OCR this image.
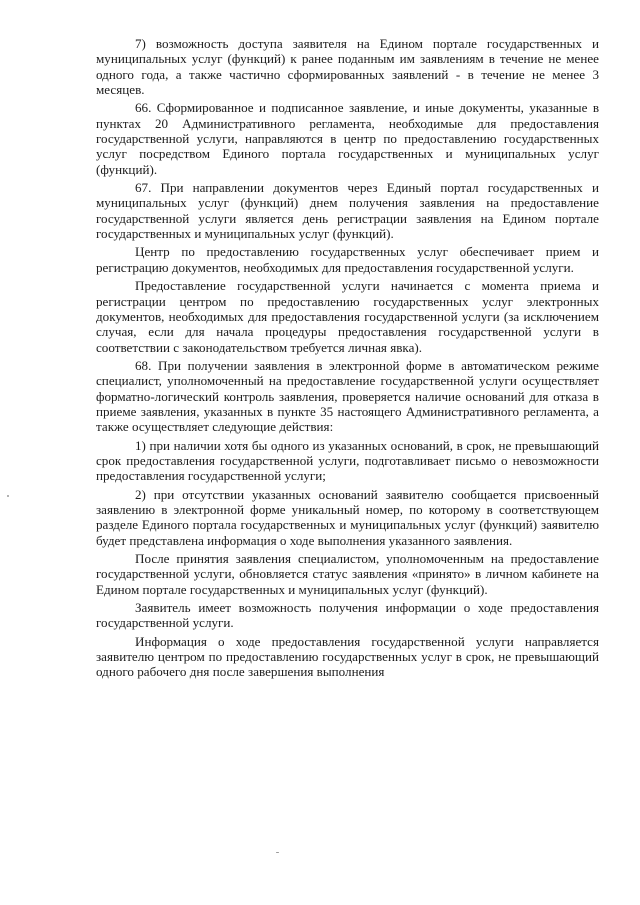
7) возможность доступа заявителя на Едином портале государственных и муниципальных услуг (функций) к ранее поданным им заявлениям в течение не менее одного года, а также частично сформированных заявлений - в течение не менее 3 месяцев.

66. Сформированное и подписанное заявление, и иные документы, указанные в пунктах 20 Административного регламента, необходимые для предоставления государственной услуги, направляются в центр по предоставлению государственных услуг посредством Единого портала государственных и муниципальных услуг (функций).

67. При направлении документов через Единый портал государственных и муниципальных услуг (функций) днем получения заявления на предоставление государственной услуги является день регистрации заявления на Едином портале государственных и муниципальных услуг (функций).

Центр по предоставлению государственных услуг обеспечивает прием и регистрацию документов, необходимых для предоставления государственной услуги.

Предоставление государственной услуги начинается с момента приема и регистрации центром по предоставлению государственных услуг электронных документов, необходимых для предоставления государственной услуги (за исключением случая, если для начала процедуры предоставления государственной услуги в соответствии с законодательством требуется личная явка).

68. При получении заявления в электронной форме в автоматическом режиме специалист, уполномоченный на предоставление государственной услуги осуществляет форматно-логический контроль заявления, проверяется наличие оснований для отказа в приеме заявления, указанных в пункте 35 настоящего Административного регламента, а также осуществляет следующие действия:

1) при наличии хотя бы одного из указанных оснований, в срок, не превышающий срок предоставления государственной услуги, подготавливает письмо о невозможности предоставления государственной услуги;

2) при отсутствии указанных оснований заявителю сообщается присвоенный заявлению в электронной форме уникальный номер, по которому в соответствующем разделе Единого портала государственных и муниципальных услуг (функций) заявителю будет представлена информация о ходе выполнения указанного заявления.

После принятия заявления специалистом, уполномоченным на предоставление государственной услуги, обновляется статус заявления «принято» в личном кабинете на Едином портале государственных и муниципальных услуг (функций).

Заявитель имеет возможность получения информации о ходе предоставления государственной услуги.

Информация о ходе предоставления государственной услуги направляется заявителю центром по предоставлению государственных услуг в срок, не превышающий одного рабочего дня после завершения выполнения
